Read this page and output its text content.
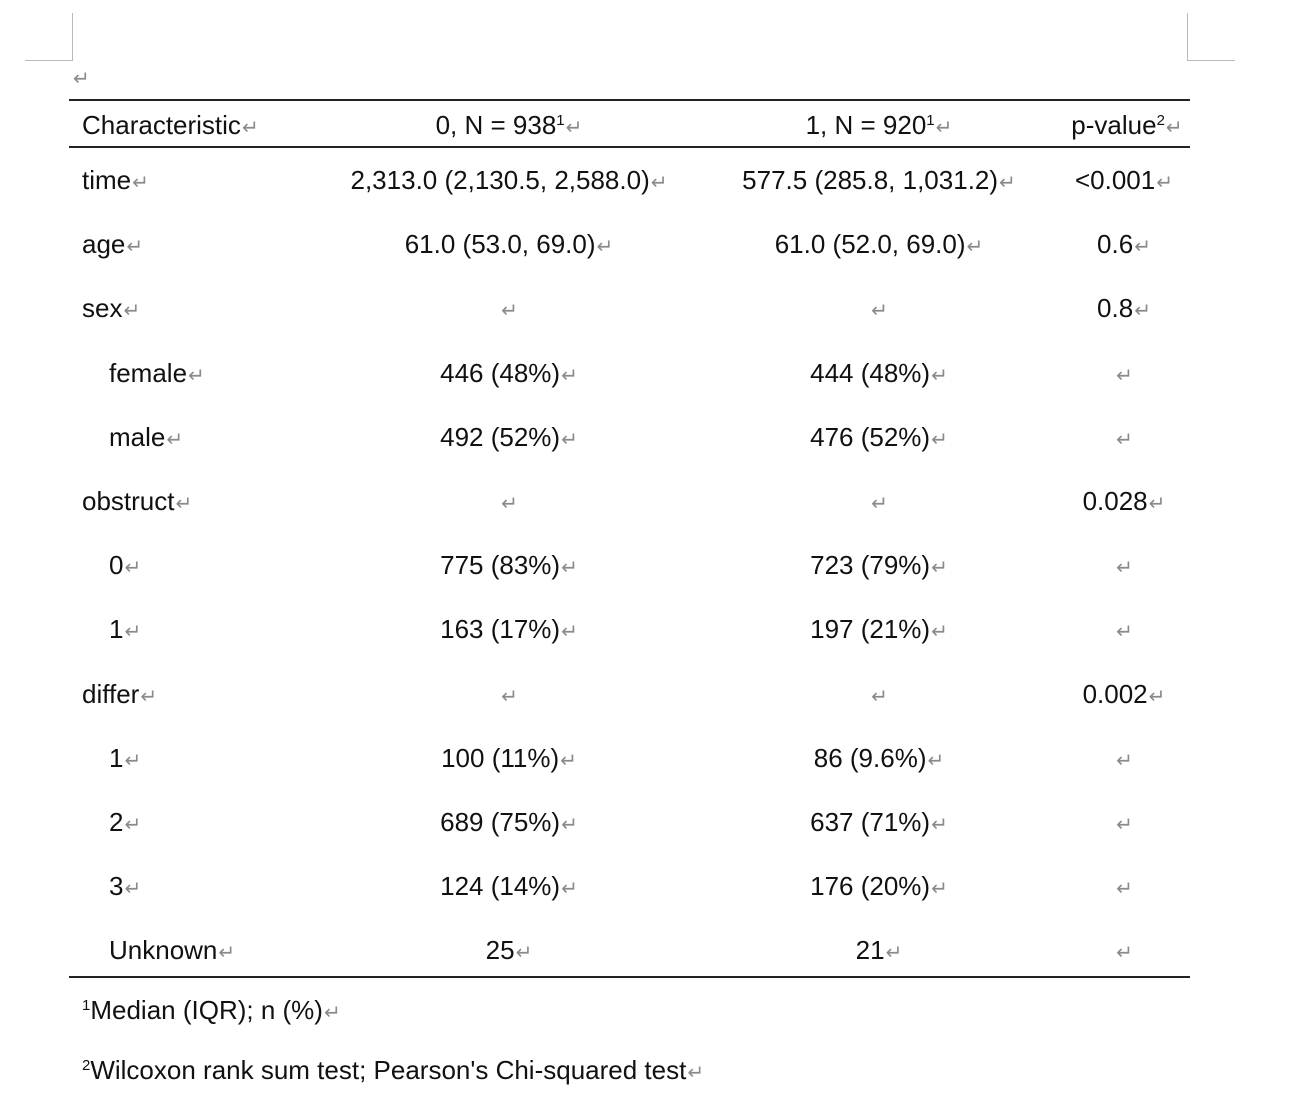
↵
Characteristic↵	0, N = 938$^1$↵	1, N = 920$^1$↵	p-value$^2$↵
time↵	2,313.0 (2,130.5, 2,588.0)↵	577.5 (285.8, 1,031.2)↵	<0.001↵
age↵	61.0 (53.0, 69.0)↵	61.0 (52.0, 69.0)↵	0.6↵
sex↵	↵	↵	0.8↵
female↵	446 (48%)↵	444 (48%)↵	↵
male↵	492 (52%)↵	476 (52%)↵	↵
obstruct↵	↵	↵	0.028↵
0↵	775 (83%)↵	723 (79%)↵	↵
1↵	163 (17%)↵	197 (21%)↵	↵
differ↵	↵	↵	0.002↵
1↵	100 (11%)↵	86 (9.6%)↵	↵
2↵	689 (75%)↵	637 (71%)↵	↵
3↵	124 (14%)↵	176 (20%)↵	↵
Unknown↵	25↵	21↵	↵
$^1$Median (IQR); n (%)↵
$^2$Wilcoxon rank sum test; Pearson's Chi-squared test↵
